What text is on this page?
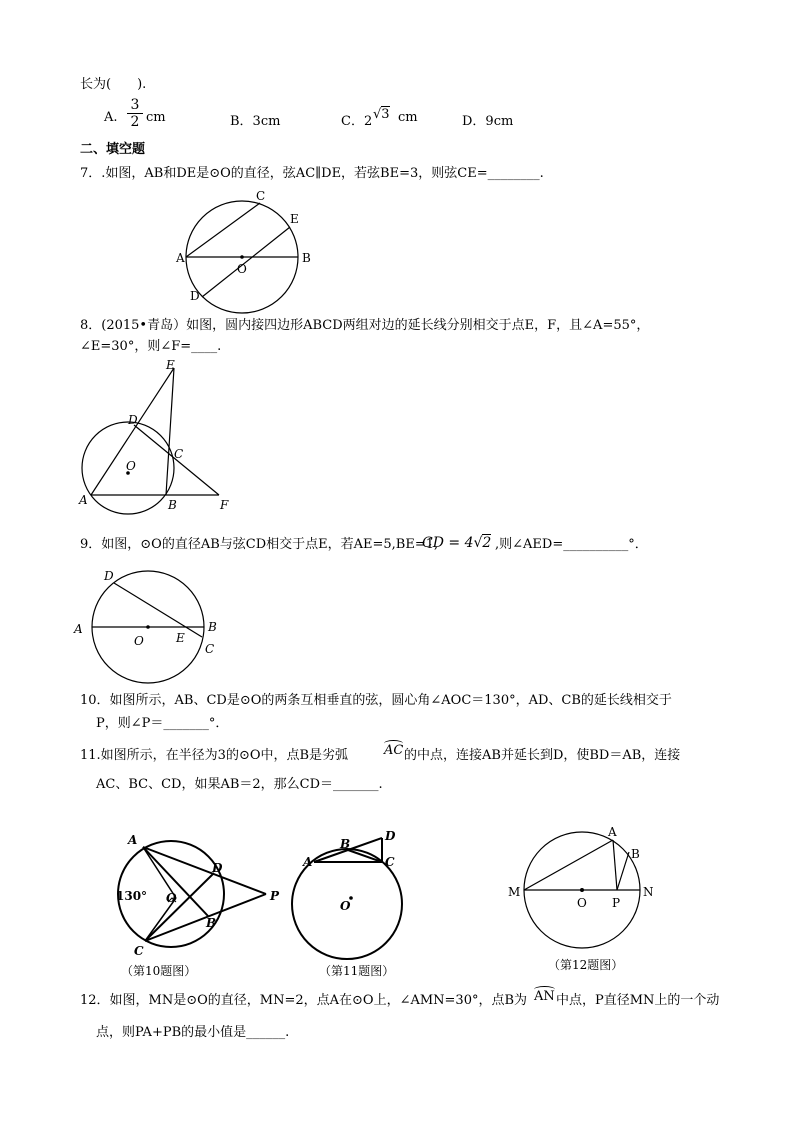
长为(　　).
A. $\frac{3}{2}$ cm	B．3cm	C．2 √3 cm	D．9cm
二、填空题
7．.如图，AB和DE是⊙O的直径，弦AC∥DE，若弦BE=3，则弦CE=________.
A	B
C
D
E
O
8．(2015•青岛）如图，圆内接四边形ABCD两组对边的延长线分别相交于点E，F，且∠A=55°，
∠E=30°，则∠F=____.
A	B
C
D
E
F
O
9．如图，⊙O的直径AB与弦CD相交于点E，若AE=5,BE=1,
CD = 4√2 ,则∠AED=__________°．
A	B
C
D
E
O
10．如图所示，AB、CD是⊙O的两条互相垂直的弦，圆心角∠AOC＝130°，AD、CB的延长线相交于
P，则∠P＝_______°．
11.如图所示，在半径为3的⊙O中，点B是劣弧	AC 的中点，连接AB并延长到D，使BD＝AB，连接
AC、BC、CD，如果AB＝2，那么CD＝_______.
130°
A
B
C
D
O	P
（第10题图）
A
B
C
D
O
（第11题图）
M	N
A
B
O P
（第12题图）
12．如图，MN是⊙O的直径，MN=2，点A在⊙O上，∠AMN=30°，点B为 AN 中点，P直径MN上的一个动
点，则PA+PB的最小值是______.
